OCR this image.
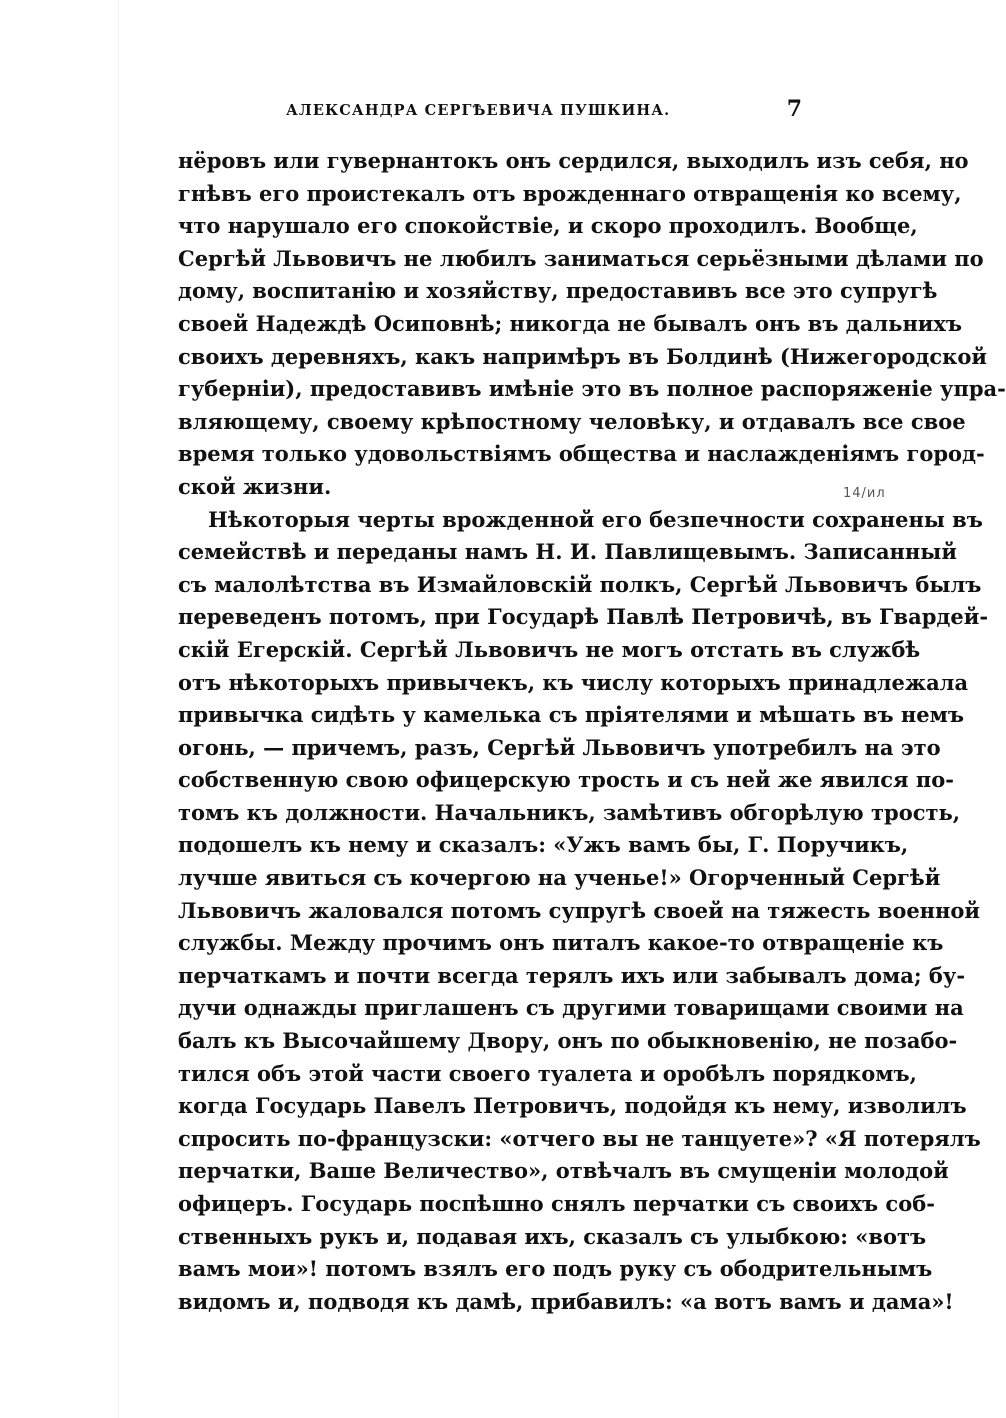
АЛЕКСАНДРА СЕРГѢЕВИЧА ПУШКИНА.	7
14/ил
нёровъ или гувернантокъ онъ сердился, выходилъ изъ себя, но
гнѣвъ его проистекалъ отъ врожденнаго отвращенія ко всему,
что нарушало его спокойствіе, и скоро проходилъ. Вообще,
Сергѣй Львовичъ не любилъ заниматься серьёзными дѣлами по
дому, воспитанію и хозяйству, предоставивъ все это супругѣ
своей Надеждѣ Осиповнѣ; никогда не бывалъ онъ въ дальнихъ
своихъ деревняхъ, какъ напримѣръ въ Болдинѣ (Нижегородской
губерніи), предоставивъ имѣніе это въ полное распоряженіе упра-
вляющему, своему крѣпостному человѣку, и отдавалъ все свое
время только удовольствіямъ общества и наслажденіямъ город-
ской жизни.
Нѣкоторыя черты врожденной его безпечности сохранены въ
семействѣ и переданы намъ Н. И. Павлищевымъ. Записанный
съ малолѣтства въ Измайловскій полкъ, Сергѣй Львовичъ былъ
переведенъ потомъ, при Государѣ Павлѣ Петровичѣ, въ Гвардей-
скій Егерскій. Сергѣй Львовичъ не могъ отстать въ службѣ
отъ нѣкоторыхъ привычекъ, къ числу которыхъ принадлежала
привычка сидѣть у камелька съ пріятелями и мѣшать въ немъ
огонь, — причемъ, разъ, Сергѣй Львовичъ употребилъ на это
собственную свою офицерскую трость и съ ней же явился по-
томъ къ должности. Начальникъ, замѣтивъ обгорѣлую трость,
подошелъ къ нему и сказалъ: «Ужъ вамъ бы, Г. Поручикъ,
лучше явиться съ кочергою на ученье!» Огорченный Сергѣй
Львовичъ жаловался потомъ супругѣ своей на тяжесть военной
службы. Между прочимъ онъ питалъ какое-то отвращеніе къ
перчаткамъ и почти всегда терялъ ихъ или забывалъ дома; бу-
дучи однажды приглашенъ съ другими товарищами своими на
балъ къ Высочайшему Двору, онъ по обыкновенію, не позабо-
тился объ этой части своего туалета и оробѣлъ порядкомъ,
когда Государь Павелъ Петровичъ, подойдя къ нему, изволилъ
спросить по-французски: «отчего вы не танцуете»? «Я потерялъ
перчатки, Ваше Величество», отвѣчалъ въ смущеніи молодой
офицеръ. Государь поспѣшно снялъ перчатки съ своихъ соб-
ственныхъ рукъ и, подавая ихъ, сказалъ съ улыбкою: «вотъ
вамъ мои»! потомъ взялъ его подъ руку съ ободрительнымъ
видомъ и, подводя къ дамѣ, прибавилъ: «а вотъ вамъ и дама»!
